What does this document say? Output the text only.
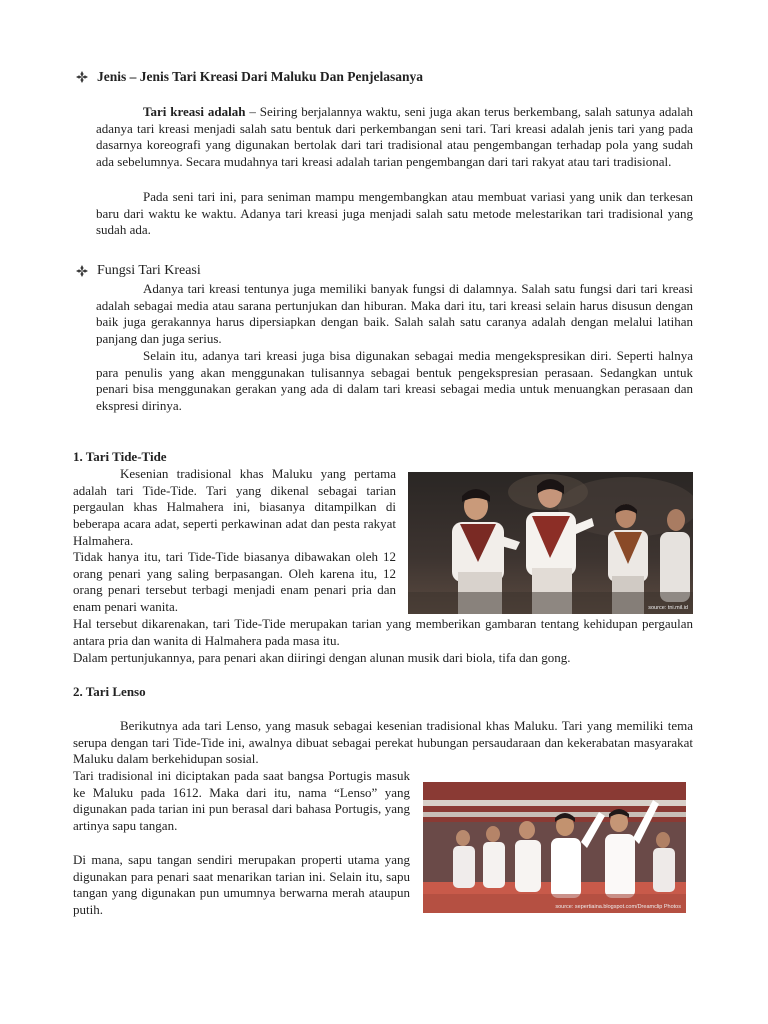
Jenis – Jenis Tari Kreasi Dari Maluku Dan Penjelasanya

Tari kreasi adalah – Seiring berjalannya waktu, seni juga akan terus berkembang, salah satunya adalah adanya tari kreasi menjadi salah satu bentuk dari perkembangan seni tari. Tari kreasi adalah jenis tari yang pada dasarnya koreografi yang digunakan bertolak dari tari tradisional atau pengembangan terhadap pola yang sudah ada sebelumnya. Secara mudahnya tari kreasi adalah tarian pengembangan dari tari rakyat atau tari tradisional.

Pada seni tari ini, para seniman mampu mengembangkan atau membuat variasi yang unik dan terkesan baru dari waktu ke waktu. Adanya tari kreasi juga menjadi salah satu metode melestarikan tari tradisional yang sudah ada.

Fungsi Tari Kreasi

Adanya tari kreasi tentunya juga memiliki banyak fungsi di dalamnya. Salah satu fungsi dari tari kreasi adalah sebagai media atau sarana pertunjukan dan hiburan. Maka dari itu, tari kreasi selain harus disusun dengan baik juga gerakannya harus dipersiapkan dengan baik. Salah salah satu caranya adalah dengan melalui latihan panjang dan juga serius.

Selain itu, adanya tari kreasi juga bisa digunakan sebagai media mengekspresikan diri. Seperti halnya para penulis yang akan menggunakan tulisannya sebagai bentuk pengekspresian perasaan. Sedangkan untuk penari bisa menggunakan gerakan yang ada di dalam tari kreasi sebagai media untuk menuangkan perasaan dan ekspresi dirinya.

1. Tari Tide-Tide

Kesenian tradisional khas Maluku yang pertama adalah tari Tide-Tide. Tari yang dikenal sebagai tarian pergaulan khas Halmahera ini, biasanya ditampilkan di beberapa acara adat, seperti perkawinan adat dan pesta rakyat Halmahera.

Tidak hanya itu, tari Tide-Tide biasanya dibawakan oleh 12 orang penari yang saling berpasangan. Oleh karena itu, 12 orang penari tersebut terbagi menjadi enam penari pria dan enam penari wanita.	source: tni.mil.id

Hal tersebut dikarenakan, tari Tide-Tide merupakan tarian yang memberikan gambaran tentang kehidupan pergaulan antara pria dan wanita di Halmahera pada masa itu.

Dalam pertunjukannya, para penari akan diiringi dengan alunan musik dari biola, tifa dan gong.

2. Tari Lenso

Berikutnya ada tari Lenso, yang masuk sebagai kesenian tradisional khas Maluku. Tari yang memiliki tema serupa dengan tari Tide-Tide ini, awalnya dibuat sebagai perekat hubungan persaudaraan dan kekerabatan masyarakat Maluku dalam berkehidupan sosial.

Tari tradisional ini diciptakan pada saat bangsa Portugis masuk ke Maluku pada 1612. Maka dari itu, nama “Lenso” yang digunakan pada tarian ini pun berasal dari bahasa Portugis, yang artinya sapu tangan.

Di mana, sapu tangan sendiri merupakan properti utama yang digunakan para penari saat menarikan tarian ini. Selain itu, sapu tangan yang digunakan pun umumnya berwarna merah ataupun putih.	source: sepertiaina.blogspot.com/Dreamclip Photos
